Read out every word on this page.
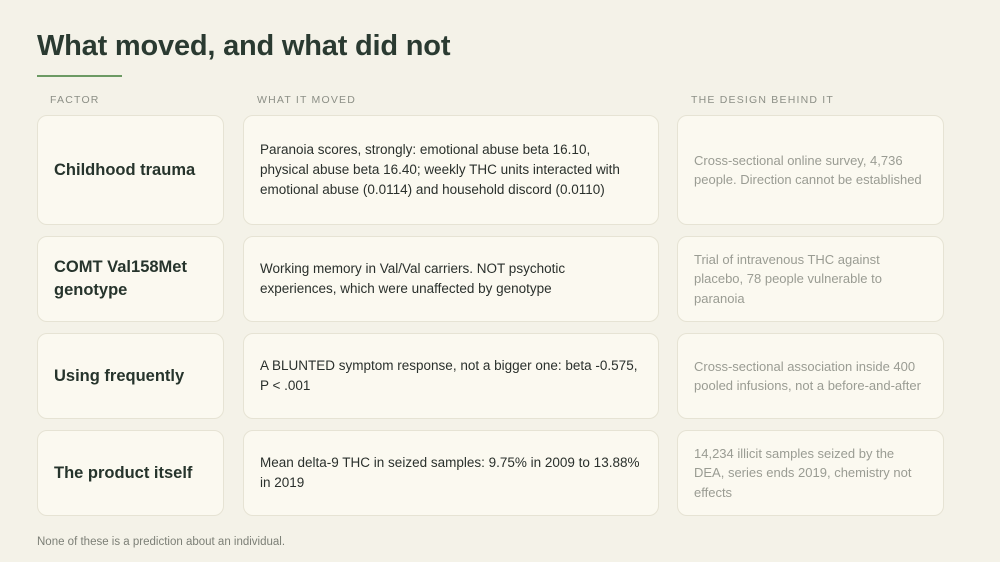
What moved, and what did not
FACTOR	WHAT IT MOVED	THE DESIGN BEHIND IT
Childhood trauma
Paranoia scores, strongly: emotional abuse beta 16.10, physical abuse beta 16.40; weekly THC units interacted with emotional abuse (0.0114) and household discord (0.0110)
Cross-sectional online survey, 4,736 people. Direction cannot be established
COMT Val158Met genotype
Working memory in Val/Val carriers. NOT psychotic experiences, which were unaffected by genotype
Trial of intravenous THC against placebo, 78 people vulnerable to paranoia
Using frequently
A BLUNTED symptom response, not a bigger one: beta -0.575, P < .001
Cross-sectional association inside 400 pooled infusions, not a before-and-after
The product itself
Mean delta-9 THC in seized samples: 9.75% in 2009 to 13.88% in 2019
14,234 illicit samples seized by the DEA, series ends 2019, chemistry not effects
None of these is a prediction about an individual.
